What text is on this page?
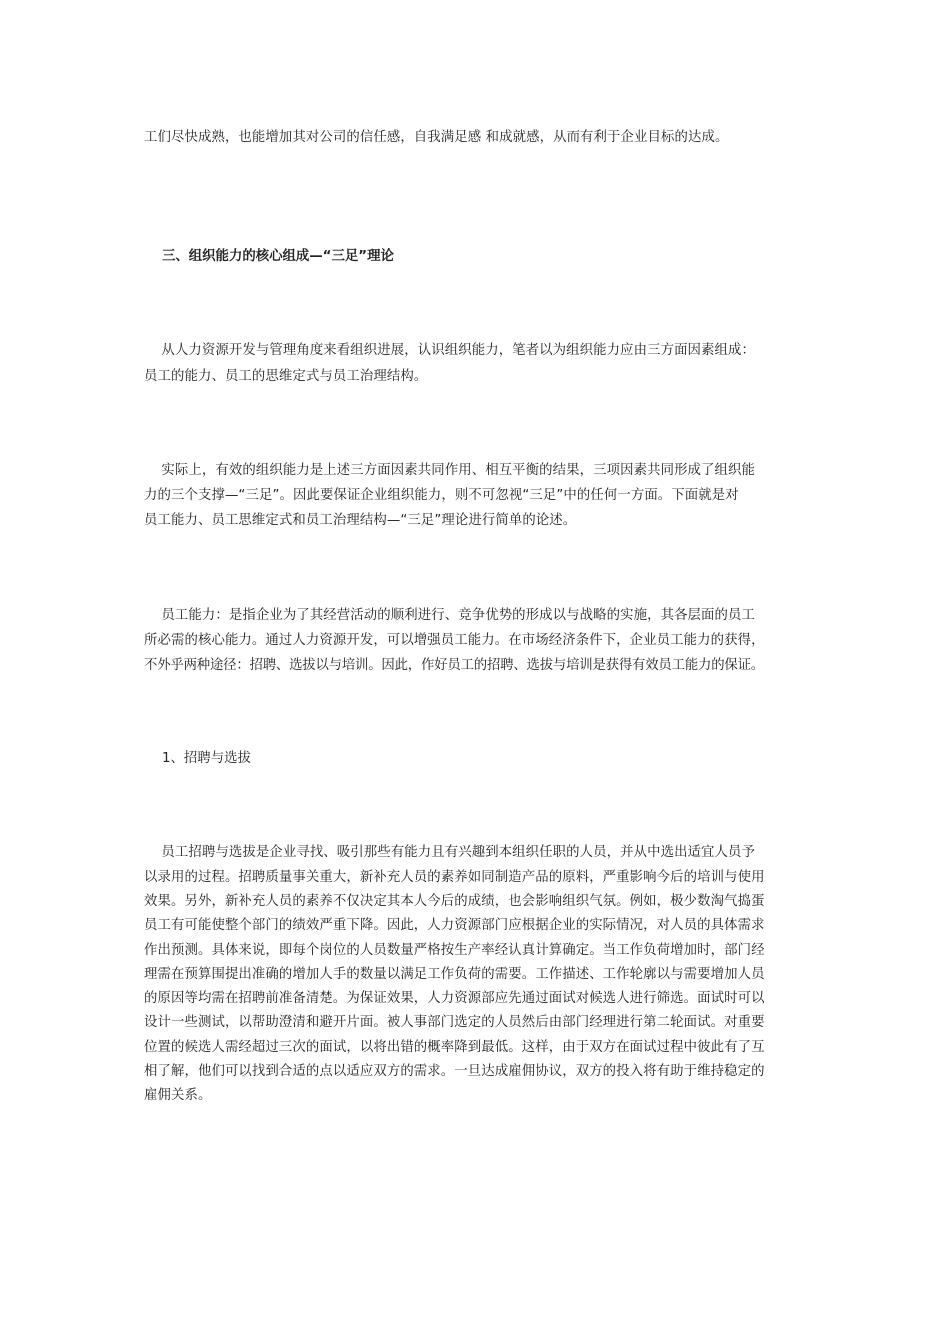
工们尽快成熟，也能增加其对公司的信任感，自我满足感 和成就感，从而有利于企业目标的达成。
三、组织能力的核心组成—“三足”理论
从人力资源开发与管理角度来看组织进展，认识组织能力，笔者以为组织能力应由三方面因素组成：
员工的能力、员工的思维定式与员工治理结构。
实际上，有效的组织能力是上述三方面因素共同作用、相互平衡的结果，三项因素共同形成了组织能
力的三个支撑—“三足”。因此要保证企业组织能力，则不可忽视“三足”中的任何一方面。下面就是对
员工能力、员工思维定式和员工治理结构—“三足”理论进行简单的论述。
员工能力：是指企业为了其经营活动的顺利进行、竞争优势的形成以与战略的实施，其各层面的员工
所必需的核心能力。通过人力资源开发，可以增强员工能力。在市场经济条件下，企业员工能力的获得，
不外乎两种途径：招聘、选拔以与培训。因此，作好员工的招聘、选拔与培训是获得有效员工能力的保证。
1、招聘与选拔
员工招聘与选拔是企业寻找、吸引那些有能力且有兴趣到本组织任职的人员，并从中选出适宜人员予
以录用的过程。招聘质量事关重大，新补充人员的素养如同制造产品的原料，严重影响今后的培训与使用
效果。另外，新补充人员的素养不仅决定其本人今后的成绩，也会影响组织气氛。例如，极少数淘气捣蛋
员工有可能使整个部门的绩效严重下降。因此，人力资源部门应根据企业的实际情况，对人员的具体需求
作出预测。具体来说，即每个岗位的人员数量严格按生产率经认真计算确定。当工作负荷增加时，部门经
理需在预算围提出准确的增加人手的数量以满足工作负荷的需要。工作描述、工作轮廓以与需要增加人员
的原因等均需在招聘前准备清楚。为保证效果，人力资源部应先通过面试对候选人进行筛选。面试时可以
设计一些测试，以帮助澄清和避开片面。被人事部门选定的人员然后由部门经理进行第二轮面试。对重要
位置的候选人需经超过三次的面试，以将出错的概率降到最低。这样，由于双方在面试过程中彼此有了互
相了解，他们可以找到合适的点以适应双方的需求。一旦达成雇佣协议，双方的投入将有助于维持稳定的
雇佣关系。
